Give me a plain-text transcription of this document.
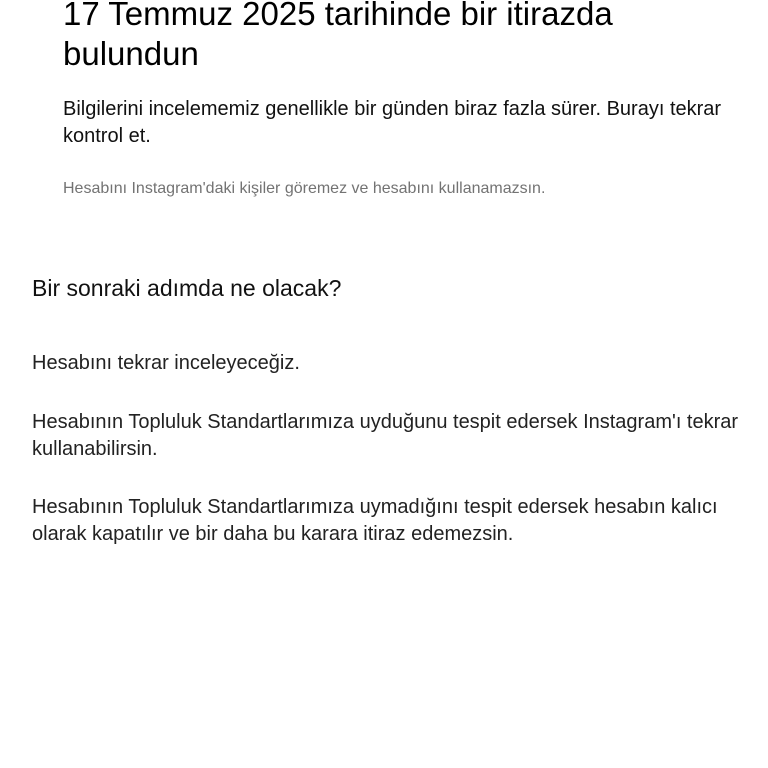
17 Temmuz 2025 tarihinde bir itirazda bulundun

Bilgilerini incelememiz genellikle bir günden biraz fazla sürer. Burayı tekrar kontrol et.

Hesabını Instagram'daki kişiler göremez ve hesabını kullanamazsın.

Bir sonraki adımda ne olacak?

Hesabını tekrar inceleyeceğiz.

Hesabının Topluluk Standartlarımıza uyduğunu tespit edersek Instagram'ı tekrar kullanabilirsin.

Hesabının Topluluk Standartlarımıza uymadığını tespit edersek hesabın kalıcı olarak kapatılır ve bir daha bu karara itiraz edemezsin.
